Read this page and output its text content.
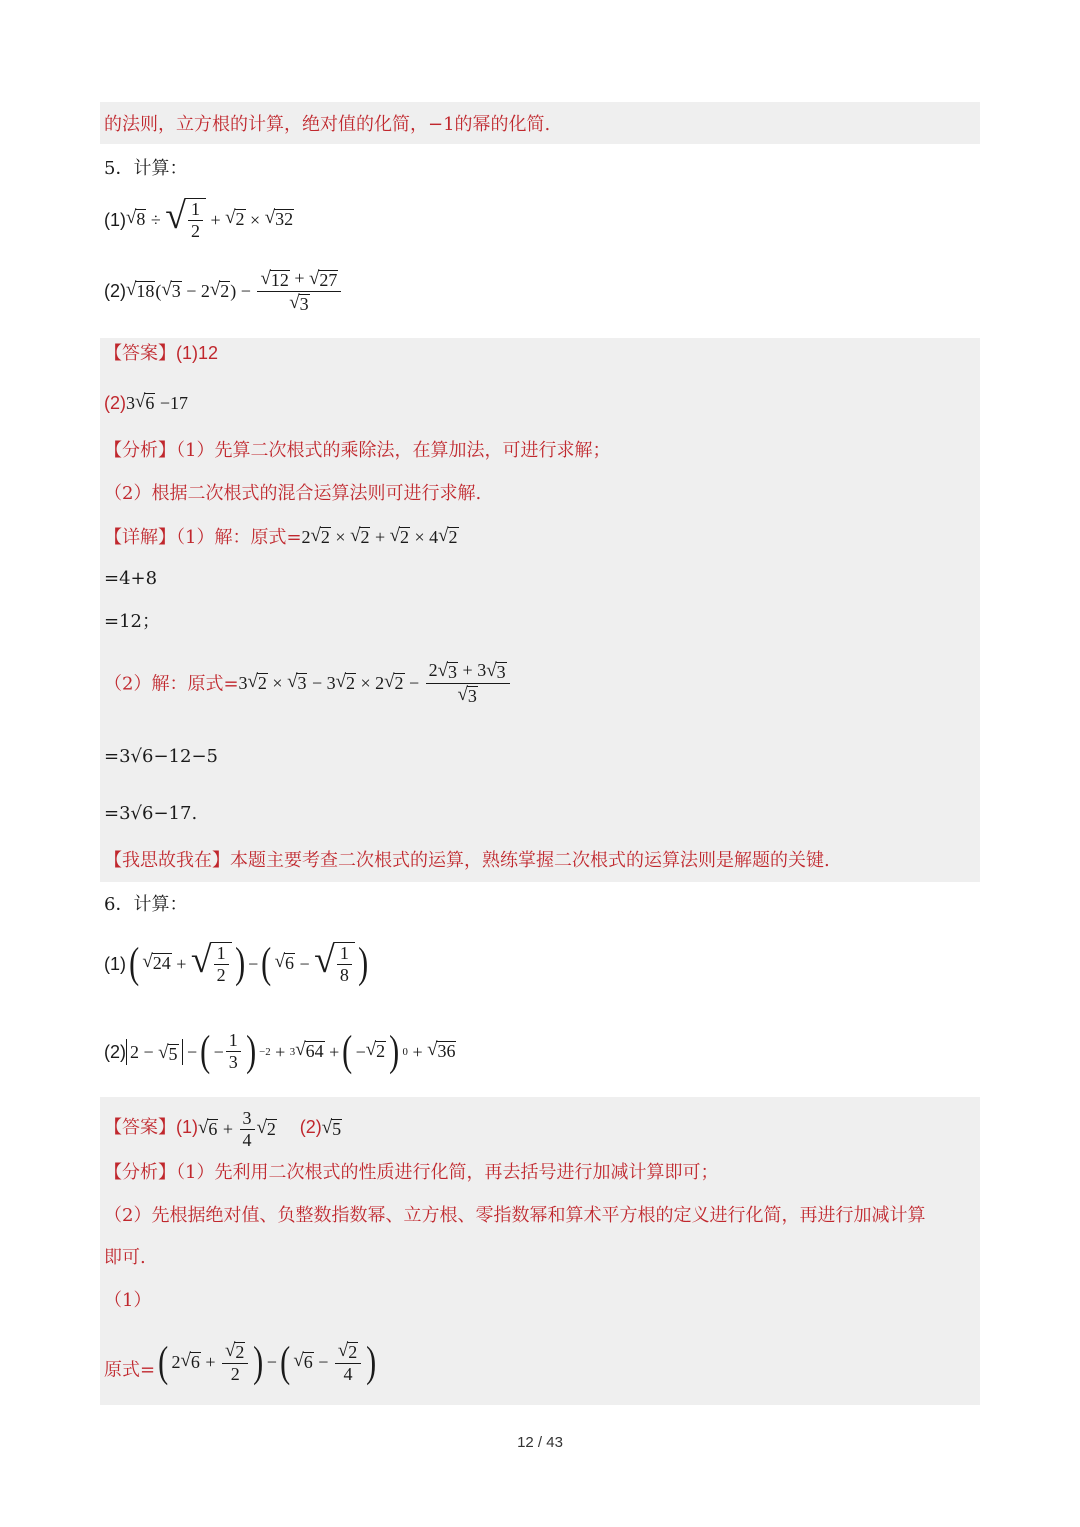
的法则，立方根的计算，绝对值的化简，−1的幂的化简.
5．计算：
(1) √ 8 ÷ √ $\frac{1}{2}$ + √ 2 × √ 32
(2) √ 18 ( √ 3 − 2 √ 2 ) − $\frac{√ 12 + √ 27}{√ 3}$
【答案】(1)12
(2)3 √ 6 −17
【分析】（1）先算二次根式的乘除法，在算加法，可进行求解；
（2）根据二次根式的混合运算法则可进行求解.
【详解】（1）解：原式=2 √ 2 × √ 2 + √ 2 × 4 √ 2
=4+8
=12；
（2）解：原式=3 √ 2 × √ 3 − 3 √ 2 × 2 √ $2 - \frac{2 √ 3 + 3 √ 3}{√ 3}$
=3√6−12−5
=3√6−17.
【我思故我在】本题主要考查二次根式的运算，熟练掌握二次根式的运算法则是解题的关键.
6．计算：
(1) ( √ 24 + √ $\frac{1}{2}$ ) − ( √ 6 − √ $\frac{1}{8}$ )
(2) 2 − √ 5 − ( − $\frac{1}{3}$ ) −2 + 3 √ 64 + ( − √ 2 ) 0 + √ 36
【答案】(1) √ $6 + \frac{3}{4}$ √ 2 (2) √ 5
【分析】（1）先利用二次根式的性质进行化简，再去括号进行加减计算即可；
（2）先根据绝对值、负整数指数幂、立方根、零指数幂和算术平方根的定义进行化简，再进行加减计算
即可.
（1）
原式= ( 2 √ $6 + \frac{√ 2}{2}$ ) − ( √ $6 - \frac{√ 2}{4}$ )
12 / 43
